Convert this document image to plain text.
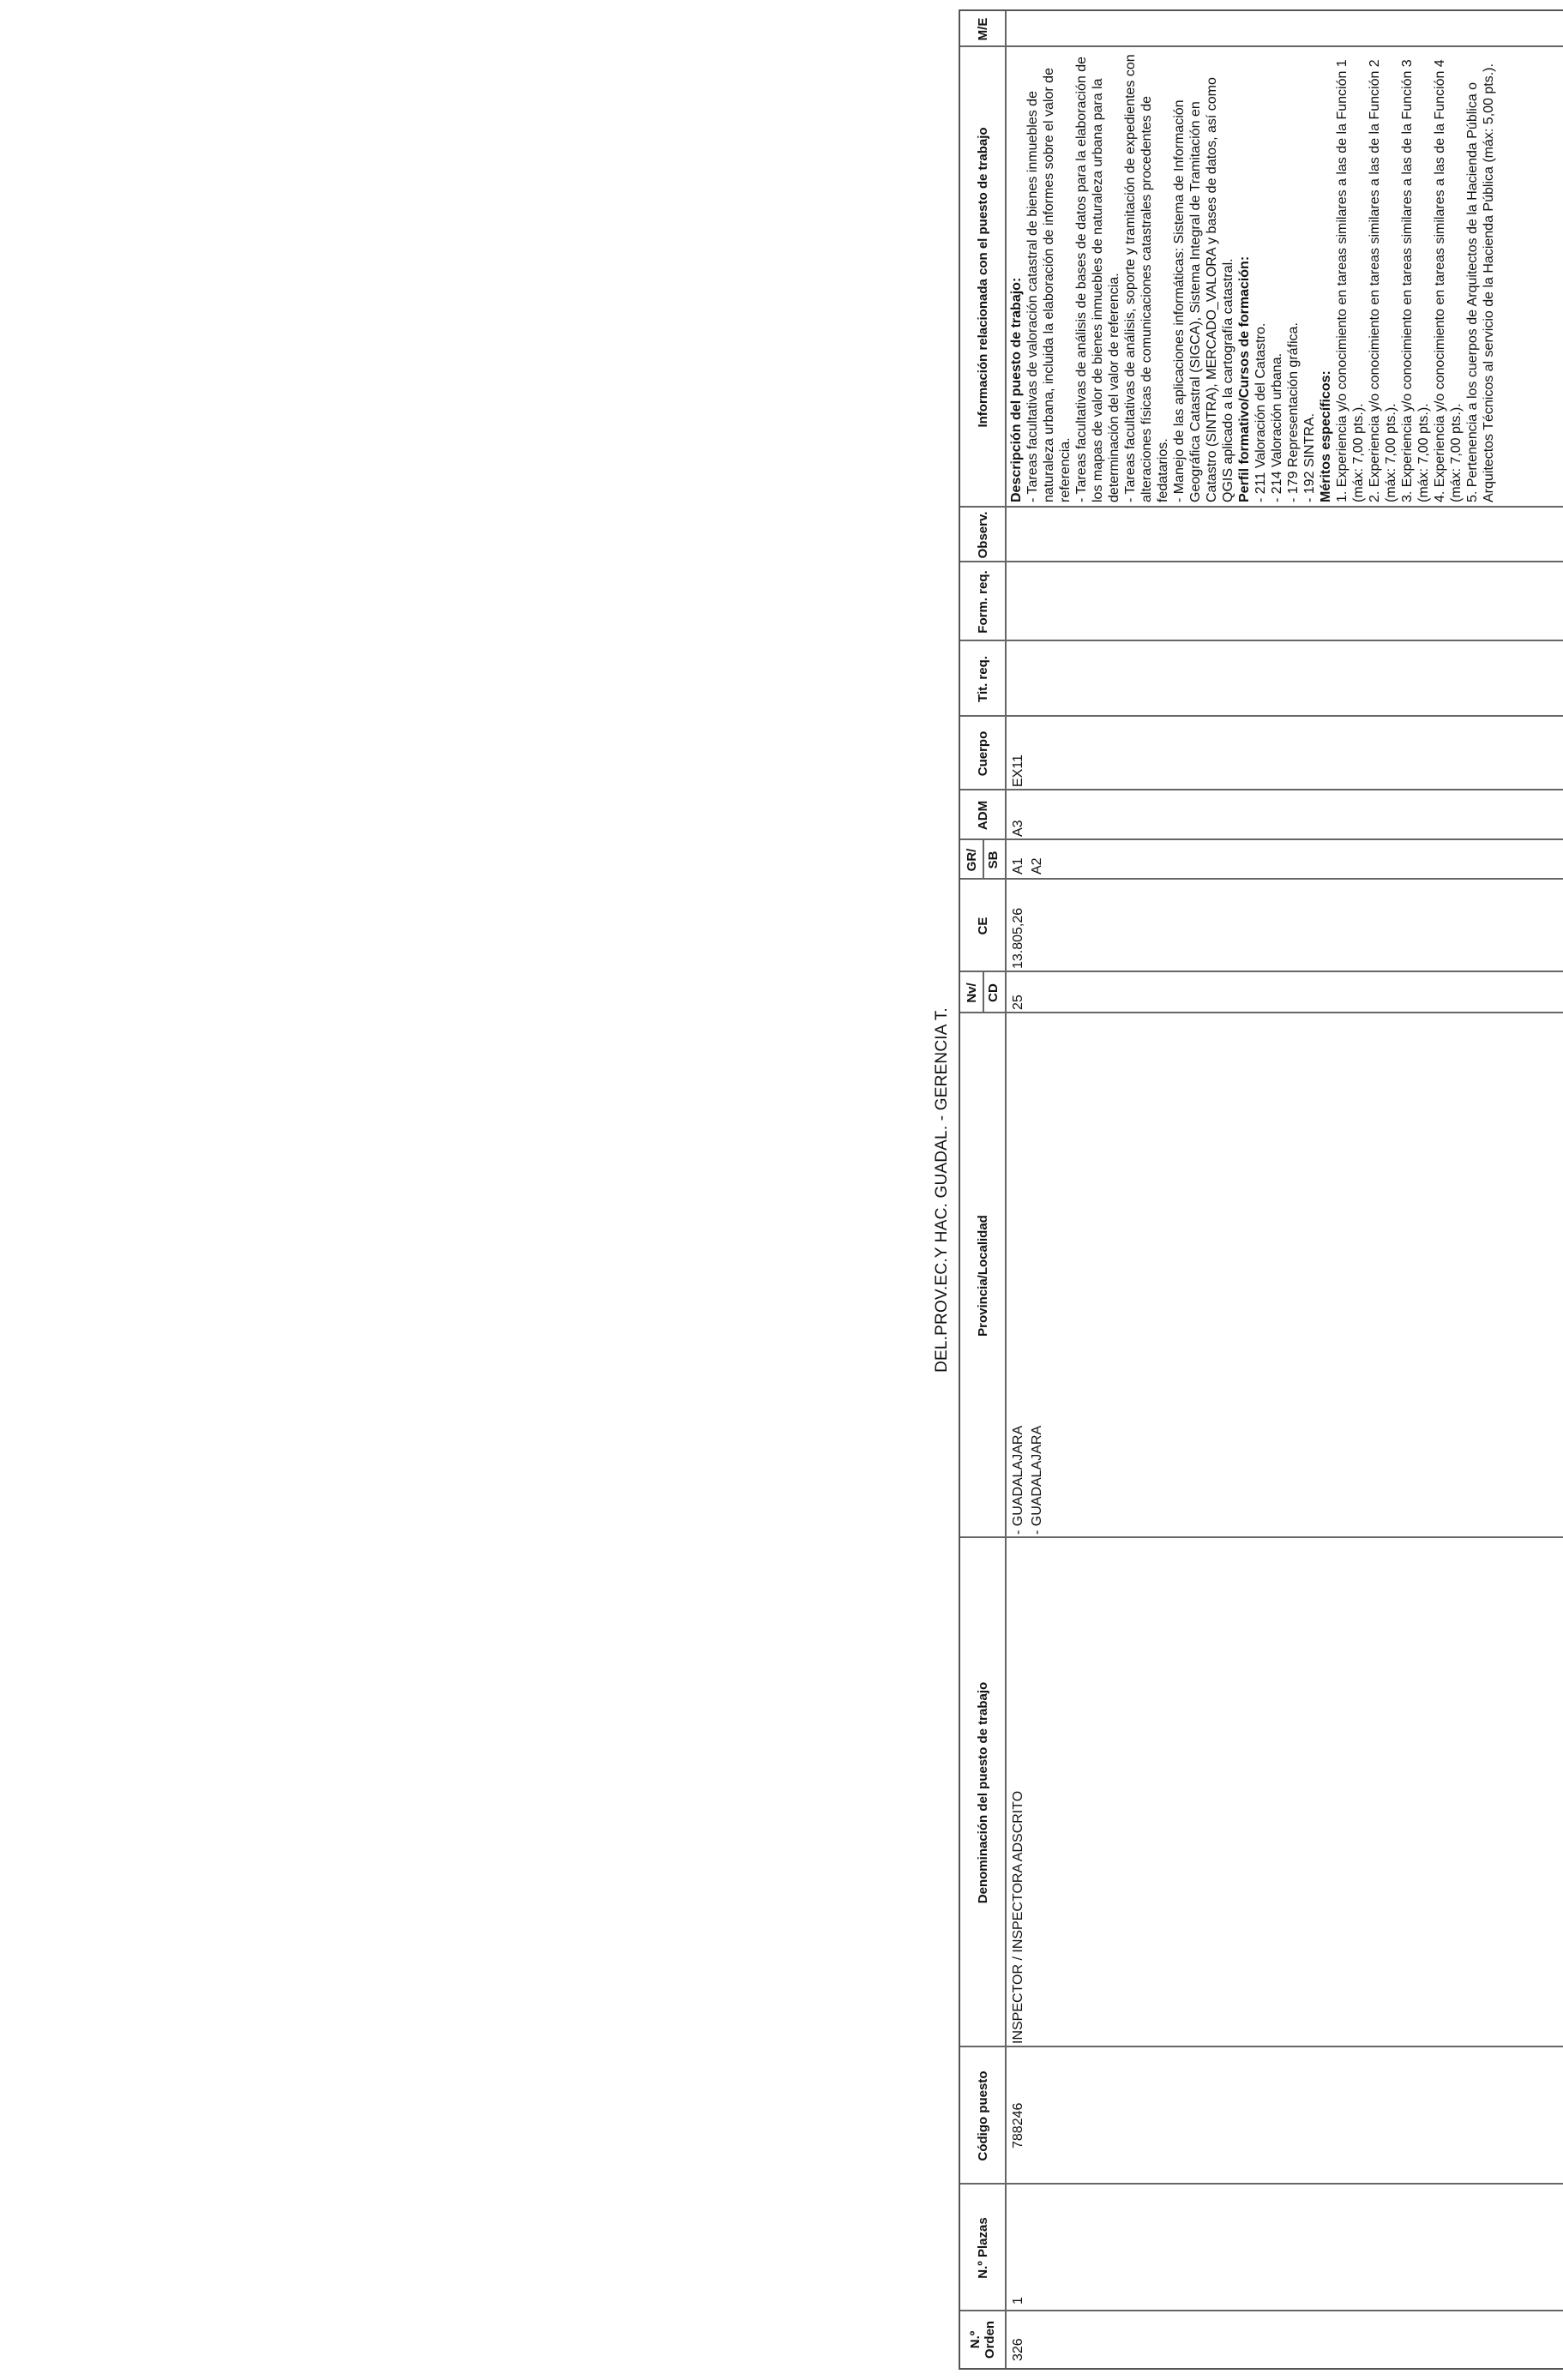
DEL.PROV.EC.Y HAC. GUADAL. - GERENCIA T.
N.º Orden
N.º Plazas
Código puesto
Denominación del puesto de trabajo
Provincia/Localidad
Nv/ CD
CE
GR/ SB
ADM
Cuerpo
Tit. req.
Form. req.
Observ.
Información relacionada con el puesto de trabajo
M/E
326
1
788246
INSPECTOR / INSPECTORA ADSCRITO
- GUADALAJARA - GUADALAJARA
25
13.805,26
A1 A2
A3
EX11
Descripción del puesto de trabajo: - Tareas facultativas de valoración catastral de bienes inmuebles de naturaleza urbana, incluida la elaboración de informes sobre el valor de referencia. - Tareas facultativas de análisis de bases de datos para la elaboración de los mapas de valor de bienes inmuebles de naturaleza urbana para la determinación del valor de referencia. - Tareas facultativas de análisis, soporte y tramitación de expedientes con alteraciones físicas de comunicaciones catastrales procedentes de fedatarios. - Manejo de las aplicaciones informáticas: Sistema de Información Geográfica Catastral (SIGCA), Sistema Integral de Tramitación en Catastro (SINTRA), MERCADO_VALORA y bases de datos, así como QGIS aplicado a la cartografía catastral. Perfil formativo/Cursos de formación: - 211 Valoración del Catastro. - 214 Valoración urbana. - 179 Representación gráfica. - 192 SINTRA. Méritos específicos: 1. Experiencia y/o conocimiento en tareas similares a las de la Función 1 (máx: 7,00 pts.). 2. Experiencia y/o conocimiento en tareas similares a las de la Función 2 (máx: 7,00 pts.). 3. Experiencia y/o conocimiento en tareas similares a las de la Función 3 (máx: 7,00 pts.). 4. Experiencia y/o conocimiento en tareas similares a las de la Función 4 (máx: 7,00 pts.). 5. Pertenencia a los cuerpos de Arquitectos de la Hacienda Pública o Arquitectos Técnicos al servicio de la Hacienda Pública (máx: 5,00 pts.).
